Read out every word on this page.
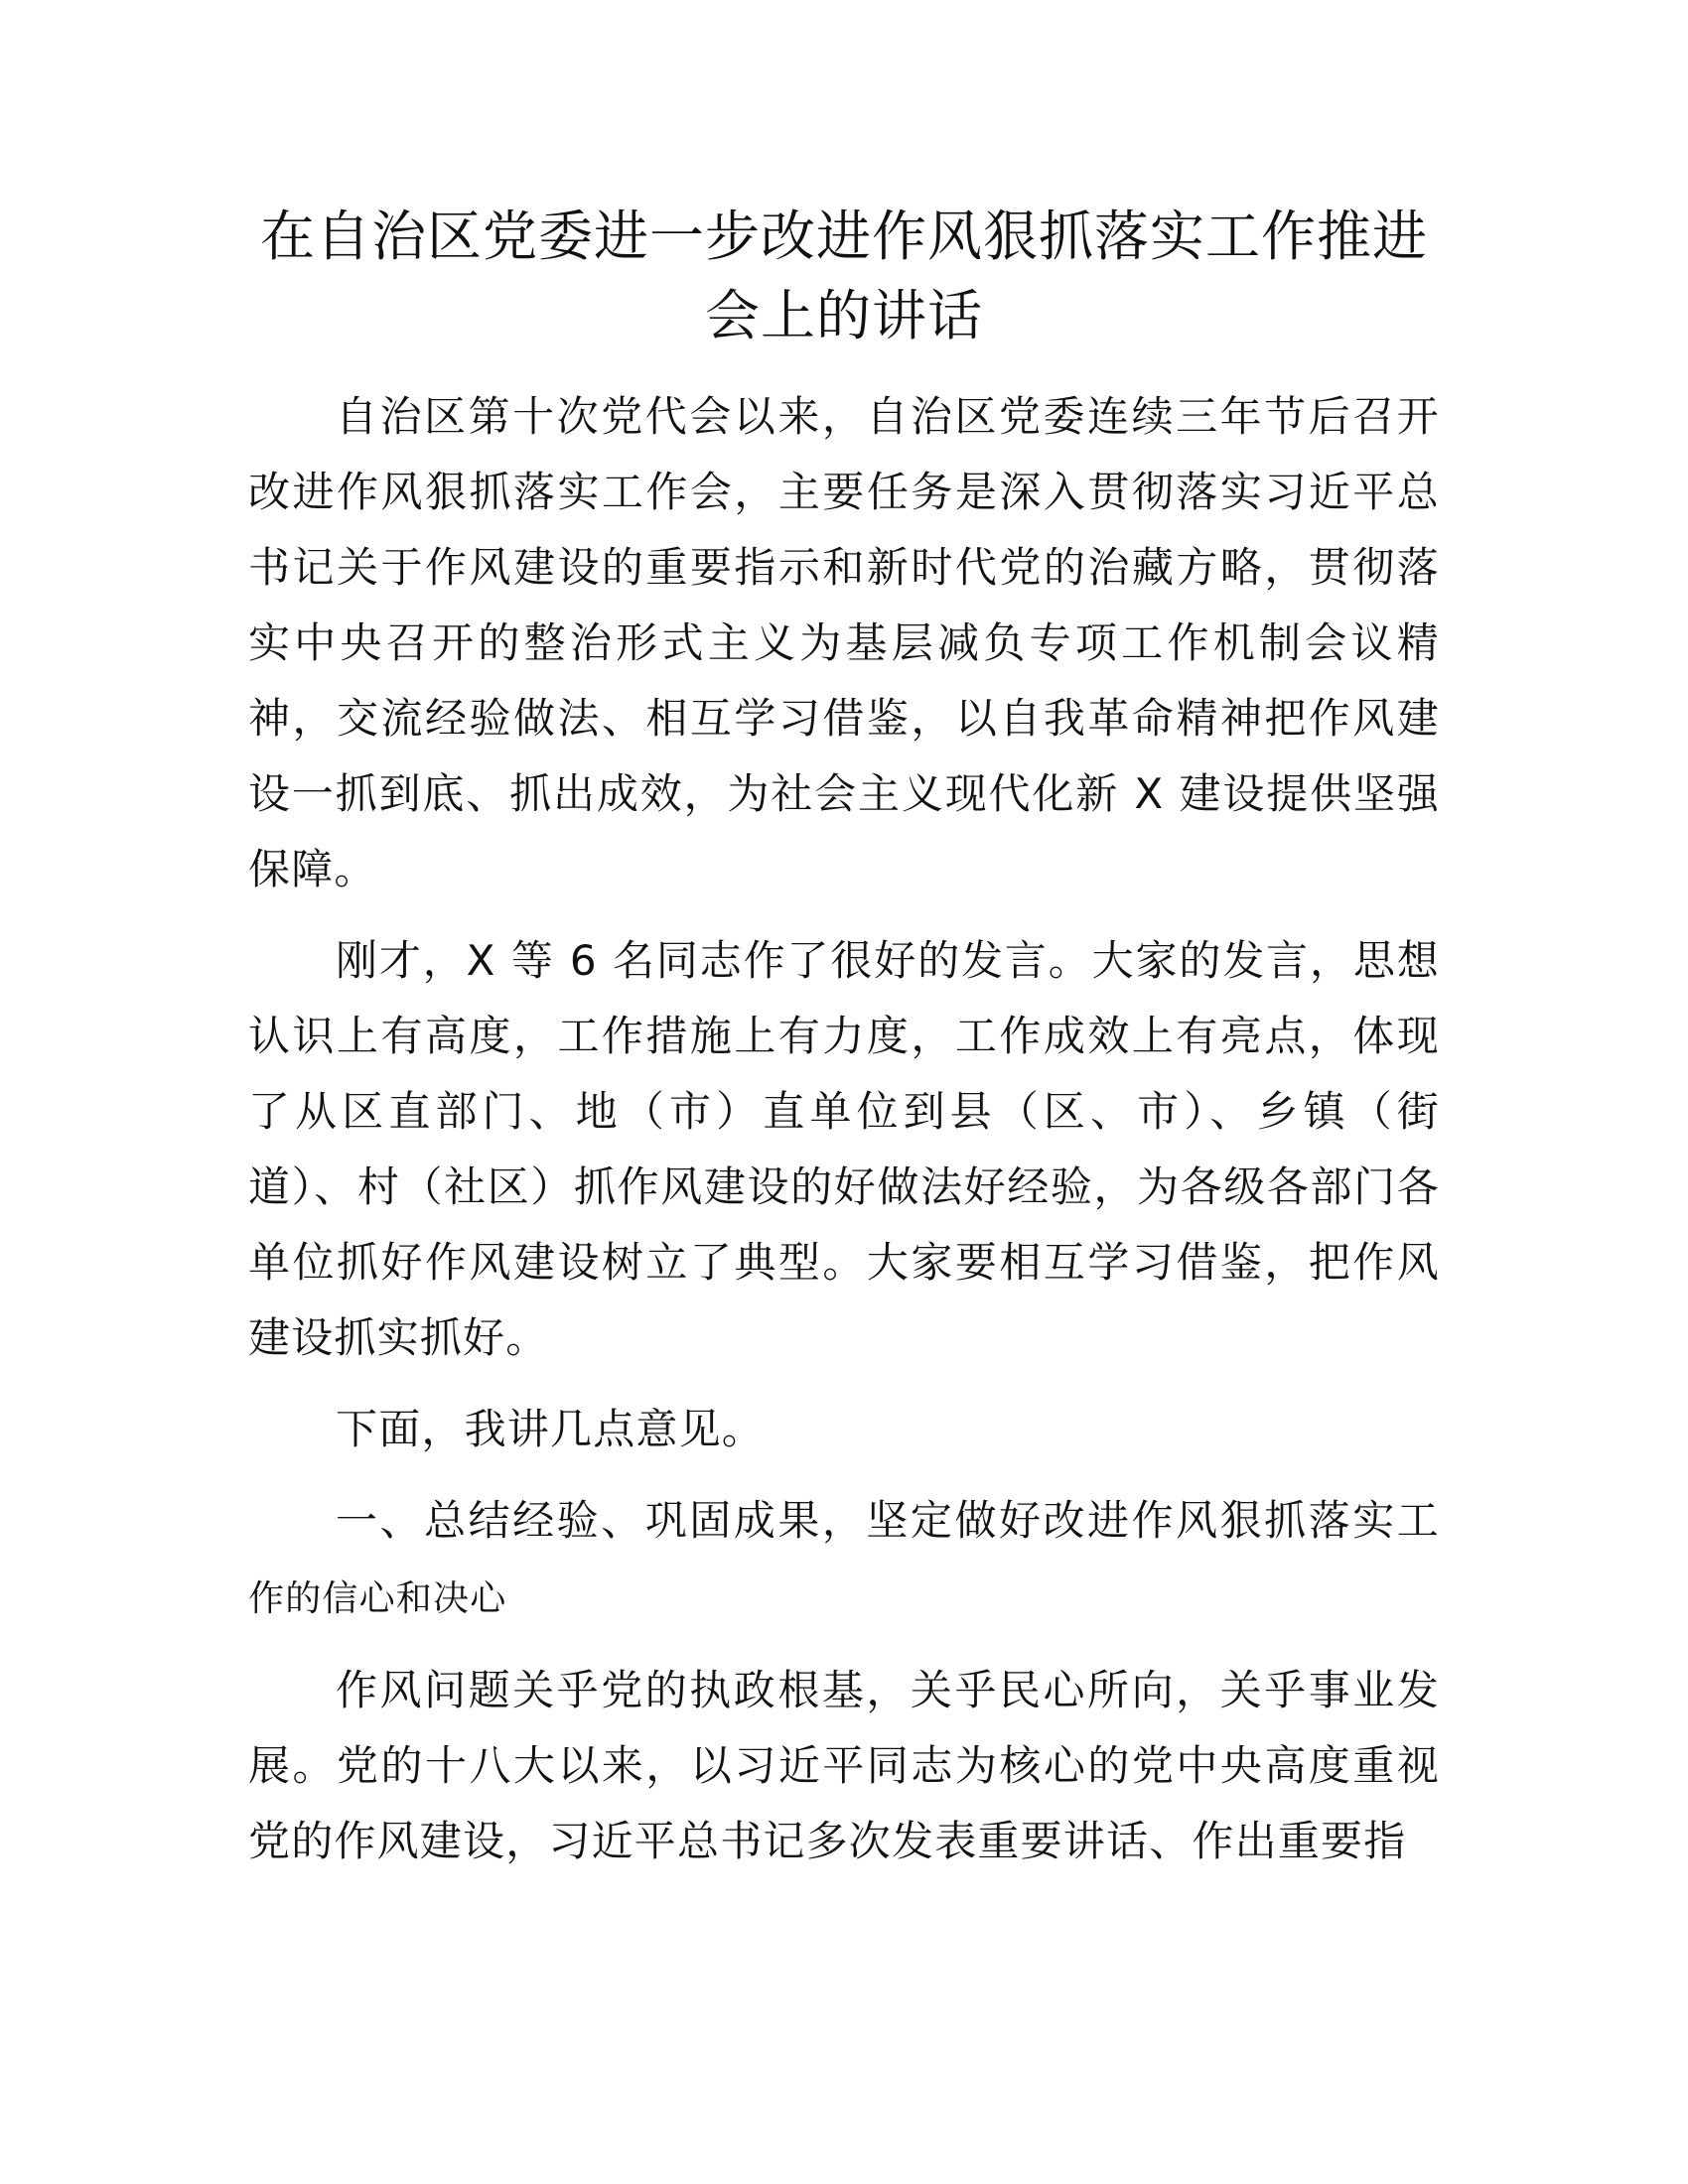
在自治区党委进一步改进作风狠抓落实工作推进会上的讲话

自治区第十次党代会以来，自治区党委连续三年节后召开改进作风狠抓落实工作会，主要任务是深入贯彻落实习近平总书记关于作风建设的重要指示和新时代党的治藏方略，贯彻落实中央召开的整治形式主义为基层减负专项工作机制会议精神，交流经验做法、相互学习借鉴，以自我革命精神把作风建设一抓到底、抓出成效，为社会主义现代化新 X 建设提供坚强保障。

刚才，X 等 6 名同志作了很好的发言。大家的发言，思想认识上有高度，工作措施上有力度，工作成效上有亮点，体现了从区直部门、地（市）直单位到县（区、市）、乡镇（街道）、村（社区）抓作风建设的好做法好经验，为各级各部门各单位抓好作风建设树立了典型。大家要相互学习借鉴，把作风建设抓实抓好。

下面，我讲几点意见。

一、总结经验、巩固成果，坚定做好改进作风狠抓落实工作的信心和决心

作风问题关乎党的执政根基，关乎民心所向，关乎事业发展。党的十八大以来，以习近平同志为核心的党中央高度重视党的作风建设，习近平总书记多次发表重要讲话、作出重要指
